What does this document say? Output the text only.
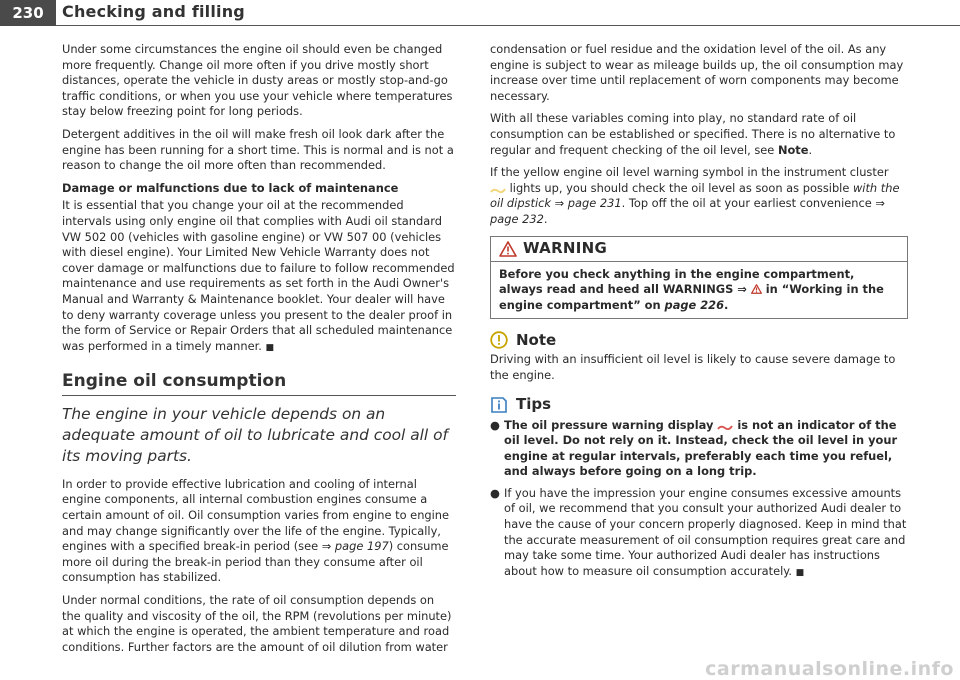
230	Checking and filling

Under some circumstances the engine oil should even be changed more frequently. Change oil more often if you drive mostly short distances, operate the vehicle in dusty areas or mostly stop-and-go traffic conditions, or when you use your vehicle where temperatures stay below freezing point for long periods.

Detergent additives in the oil will make fresh oil look dark after the engine has been running for a short time. This is normal and is not a reason to change the oil more often than recommended.

Damage or malfunctions due to lack of maintenance

It is essential that you change your oil at the recommended intervals using only engine oil that complies with Audi oil standard VW 502 00 (vehicles with gasoline engine) or VW 507 00 (vehicles with diesel engine). Your Limited New Vehicle Warranty does not cover damage or malfunctions due to failure to follow recommended maintenance and use requirements as set forth in the Audi Owner's Manual and Warranty & Maintenance booklet. Your dealer will have to deny warranty coverage unless you present to the dealer proof in the form of Service or Repair Orders that all scheduled maintenance was performed in a timely manner. ■

Engine oil consumption
The engine in your vehicle depends on an adequate amount of oil to lubricate and cool all of its moving parts.

In order to provide effective lubrication and cooling of internal engine components, all internal combustion engines consume a certain amount of oil. Oil consumption varies from engine to engine and may change significantly over the life of the engine. Typically, engines with a specified break-in period (see ⇒ page 197) consume more oil during the break-in period than they consume after oil consumption has stabilized.

Under normal conditions, the rate of oil consumption depends on the quality and viscosity of the oil, the RPM (revolutions per minute) at which the engine is operated, the ambient temperature and road conditions. Further factors are the amount of oil dilution from water

condensation or fuel residue and the oxidation level of the oil. As any engine is subject to wear as mileage builds up, the oil consumption may increase over time until replacement of worn components may become necessary.

With all these variables coming into play, no standard rate of oil consumption can be established or specified. There is no alternative to regular and frequent checking of the oil level, see Note.

If the yellow engine oil level warning symbol in the instrument cluster  lights up, you should check the oil level as soon as possible with the oil dipstick ⇒ page 231. Top off the oil at your earliest convenience ⇒ page 232.

WARNING
Before you check anything in the engine compartment, always read and heed all WARNINGS ⇒ in “Working in the engine compartment” on page 226.
Note

Driving with an insufficient oil level is likely to cause severe damage to the engine.

Tips
● The oil pressure warning display is not an indicator of the oil level. Do not rely on it. Instead, check the oil level in your engine at regular intervals, preferably each time you refuel, and always before going on a long trip.
● If you have the impression your engine consumes excessive amounts of oil, we recommend that you consult your authorized Audi dealer to have the cause of your concern properly diagnosed. Keep in mind that the accurate measurement of oil consumption requires great care and may take some time. Your authorized Audi dealer has instructions about how to measure oil consumption accurately. ■
carmanualsonline.info
